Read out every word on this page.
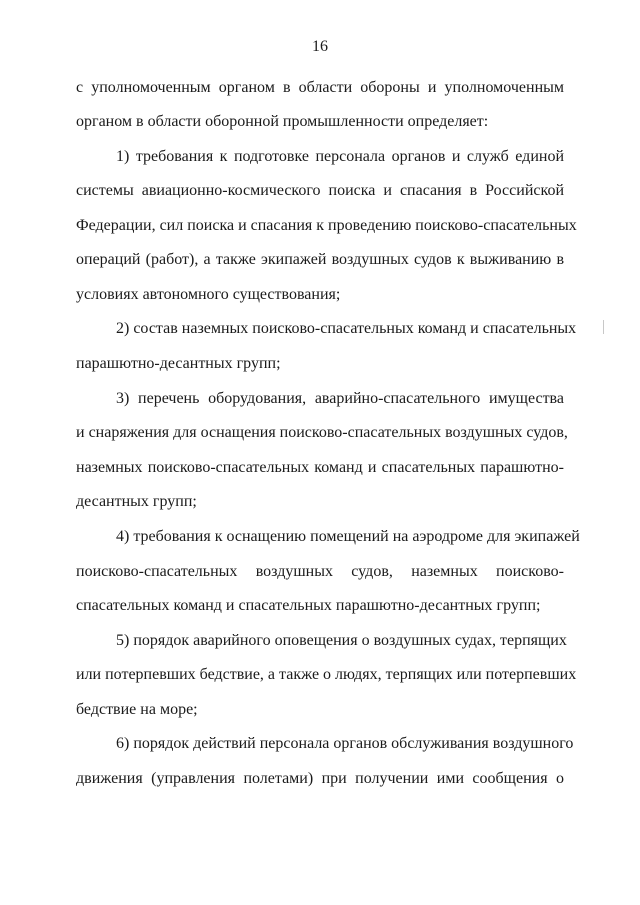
16
с уполномоченным органом в области обороны и уполномоченным
органом в области оборонной промышленности определяет:
1) требования к подготовке персонала органов и служб единой
системы авиационно-космического поиска и спасания в Российской
Федерации, сил поиска и спасания к проведению поисково-спасательных
операций (работ), а также экипажей воздушных судов к выживанию в
условиях автономного существования;
2) состав наземных поисково-спасательных команд и спасательных
парашютно-десантных групп;
3) перечень оборудования, аварийно-спасательного имущества
и снаряжения для оснащения поисково-спасательных воздушных судов,
наземных поисково-спасательных команд и спасательных парашютно-
десантных групп;
4) требования к оснащению помещений на аэродроме для экипажей
поисково-спасательных воздушных судов, наземных поисково-
спасательных команд и спасательных парашютно-десантных групп;
5) порядок аварийного оповещения о воздушных судах, терпящих
или потерпевших бедствие, а также о людях, терпящих или потерпевших
бедствие на море;
6) порядок действий персонала органов обслуживания воздушного
движения (управления полетами) при получении ими сообщения о
